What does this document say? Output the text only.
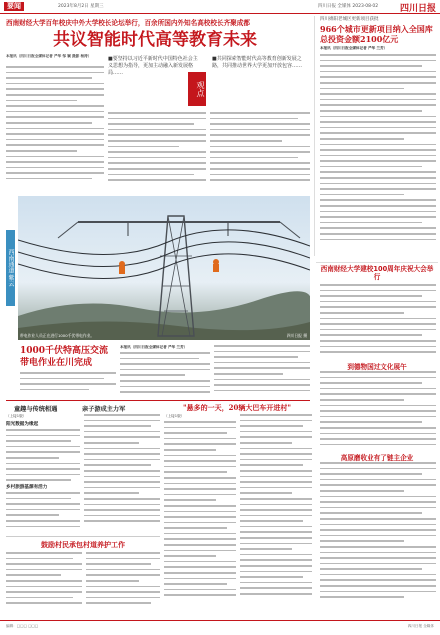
要闻	2023年8月2日 星期三	四川日报 全媒体 2023·08·02 四川日报
西南财经大学百年校庆中外大学校长论坛举行，百余所国内外知名高校校长齐聚成都
共议智能时代高等教育未来
本报讯（四川日报全媒体记者 严华 邹 颖 摄影 杨涛）	■要坚持以习近平新时代中国特色社会主义思想为指导，更加主动融入新发展格局……
观点
■共同探索智能时代高等教育创新发展之路，共同推动世界大学更加开放包容……
四川绵阳老城区更新项目获批
966个城市更新项目纳入全国库 总投资金额2100亿元
本报讯（四川日报全媒体记者 严华 兰芳）
带电作业人员正在进行1000千伏带电作业。	四川日报 摄
西南通道 紫云
1000千伏特高压交流带电作业在川完成
本报讯（四川日报全媒体记者 严华 兰芳）
童趣与传统相遇	亲子游成主力军	"悬多的一天，20辆大巴车开进村"
（上接1版）
阳光数据为缘起
乡村旅游基源有活力
（上接1版）
鼓励村民承包村道养护工作
西南财经大学建校100周年庆祝大会举行
到德物国过文化展午
高原磨收业有了链主企业
编辑：□□□ □□□	四川日报 全媒体
